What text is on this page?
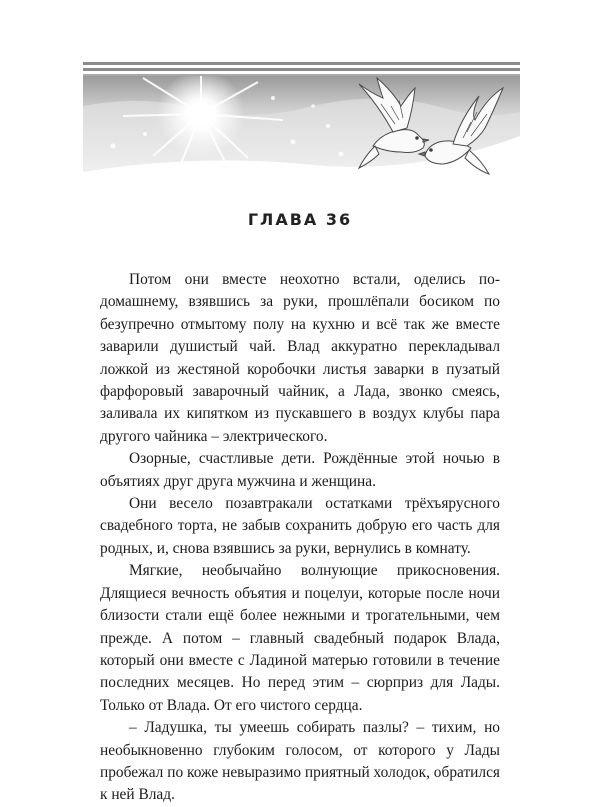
ГЛАВА 36

Потом они вместе неохотно встали, оделись по-домашнему, взявшись за руки, прошлёпали босиком по безупречно отмытому полу на кухню и всё так же вместе заварили душистый чай. Влад аккуратно перекладывал ложкой из жестяной коробочки листья заварки в пузатый фарфоровый заварочный чайник, а Лада, звонко смеясь, заливала их кипятком из пускавшего в воздух клубы пара другого чайника – электрического.

Озорные, счастливые дети. Рождённые этой ночью в объятиях друг друга мужчина и женщина.

Они весело позавтракали остатками трёхъярусного свадебного торта, не забыв сохранить добрую его часть для родных, и, снова взявшись за руки, вернулись в комнату.

Мягкие, необычайно волнующие прикосновения. Длящиеся вечность объятия и поцелуи, которые после ночи близости стали ещё более нежными и трогательными, чем прежде. А потом – главный свадебный подарок Влада, который они вместе с Ладиной матерью готовили в течение последних месяцев. Но перед этим – сюрприз для Лады. Только от Влада. От его чистого сердца.

– Ладушка, ты умеешь собирать пазлы? – тихим, но необыкновенно глубоким голосом, от которого у Лады пробежал по коже невыразимо приятный холодок, обратился к ней Влад.
